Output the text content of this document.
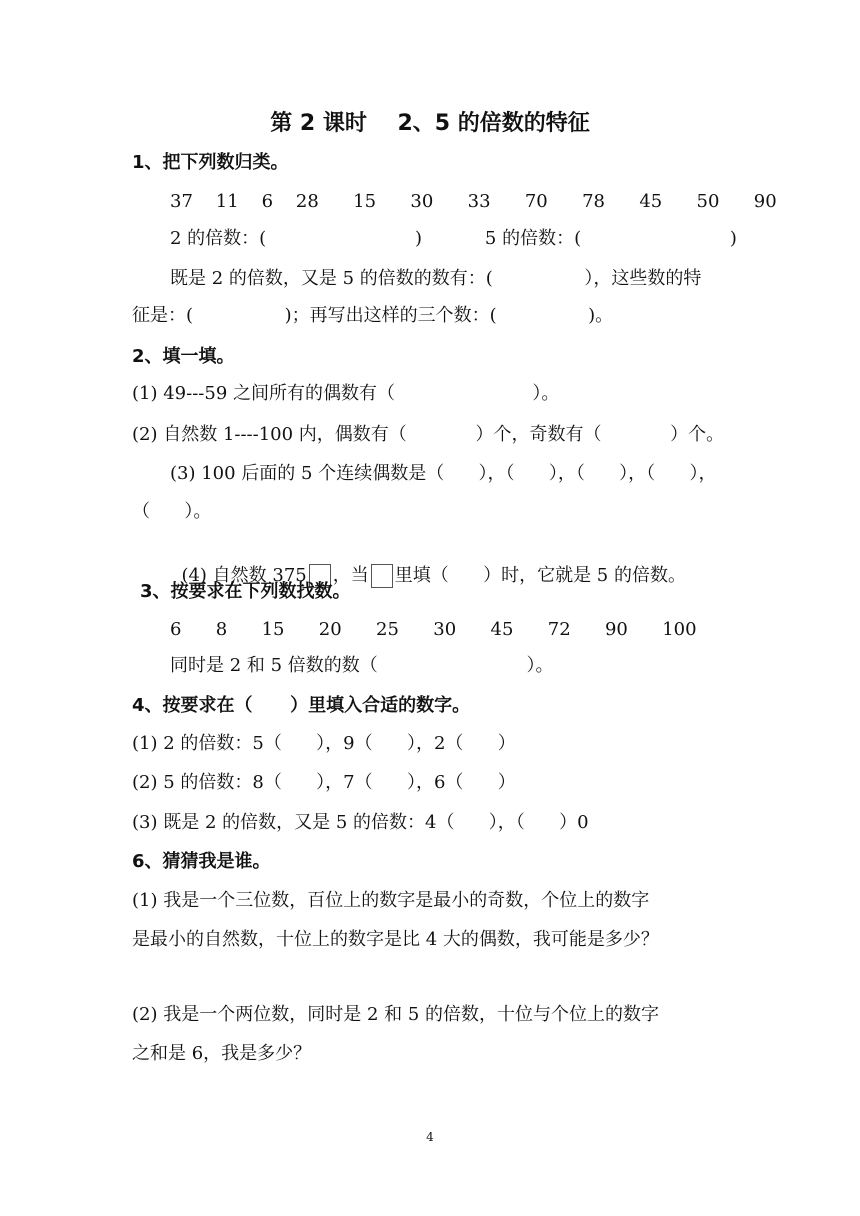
第 2 课时    2、5 的倍数的特征
1、把下列数归类。
37    11    6    28      15      30      33      70      78      45      50      90
2 的倍数：(                          )           5 的倍数：(                          )
既是 2 的倍数，又是 5 的倍数的数有：(                ），这些数的特
征是：(                )；再写出这样的三个数：(                )。
2、填一填。
(1) 49---59 之间所有的偶数有（                        ）。
(2) 自然数 1----100 内，偶数有（            ）个，奇数有（            ）个。
(3) 100 后面的 5 个连续偶数是（      ），（      ），（      ），（      ），
（      ）。

(4) 自然数 375 ，当 里填（      ）时，它就是 5 的倍数。

3、按要求在下列数找数。
6      8      15      20      25      30      45      72      90      100
同时是 2 和 5 倍数的数（                          ）。
4、按要求在（      ）里填入合适的数字。
(1) 2 的倍数：5（      ），9（      ），2（      ）
(2) 5 的倍数：8（      ），7（      ），6（      ）
(3) 既是 2 的倍数，又是 5 的倍数：4（      ），（      ）0
6、猜猜我是谁。
(1) 我是一个三位数，百位上的数字是最小的奇数，个位上的数字
是最小的自然数，十位上的数字是比 4 大的偶数，我可能是多少？
(2) 我是一个两位数，同时是 2 和 5 的倍数，十位与个位上的数字
之和是 6，我是多少？
4
